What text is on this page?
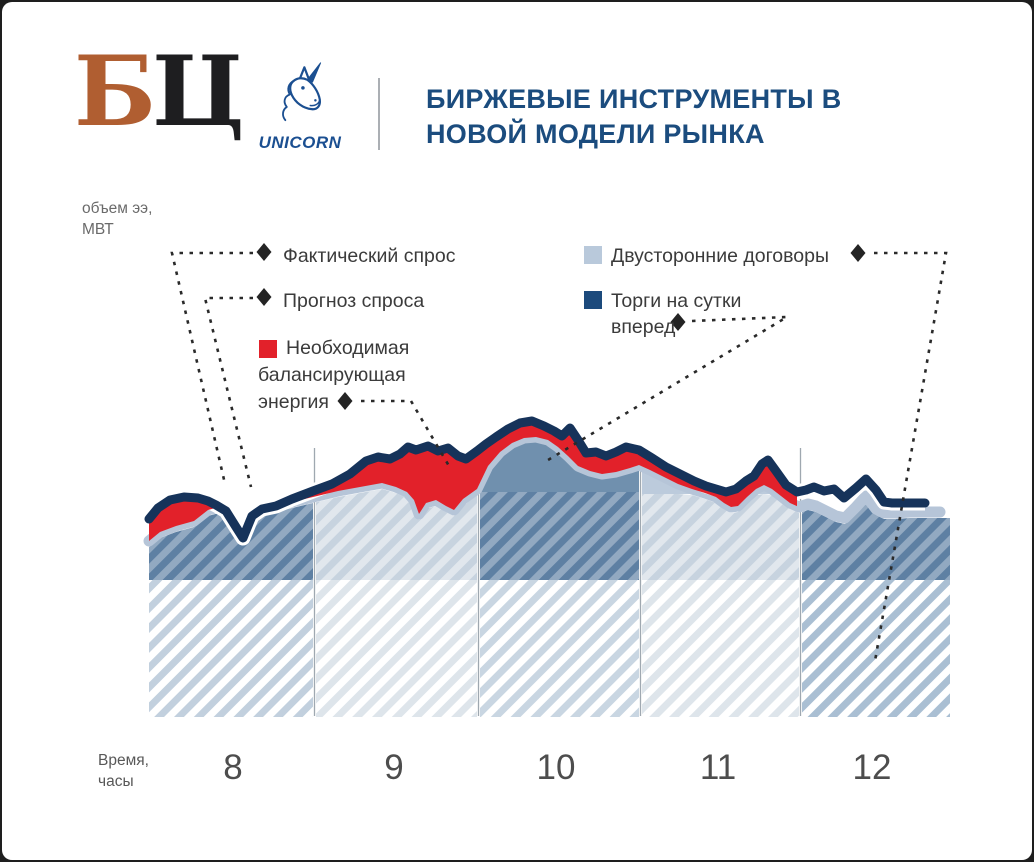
БЦ	UNICORN
БИРЖЕВЫЕ ИНСТРУМЕНТЫ В НОВОЙ МОДЕЛИ РЫНКА
объем ээ,
МВТ
Время,
часы	8	9	10	11	12
Фактический спрос
Прогноз спроса
Необходимая балансирующая энергия
Двусторонние договоры
Торги на сутки вперед
